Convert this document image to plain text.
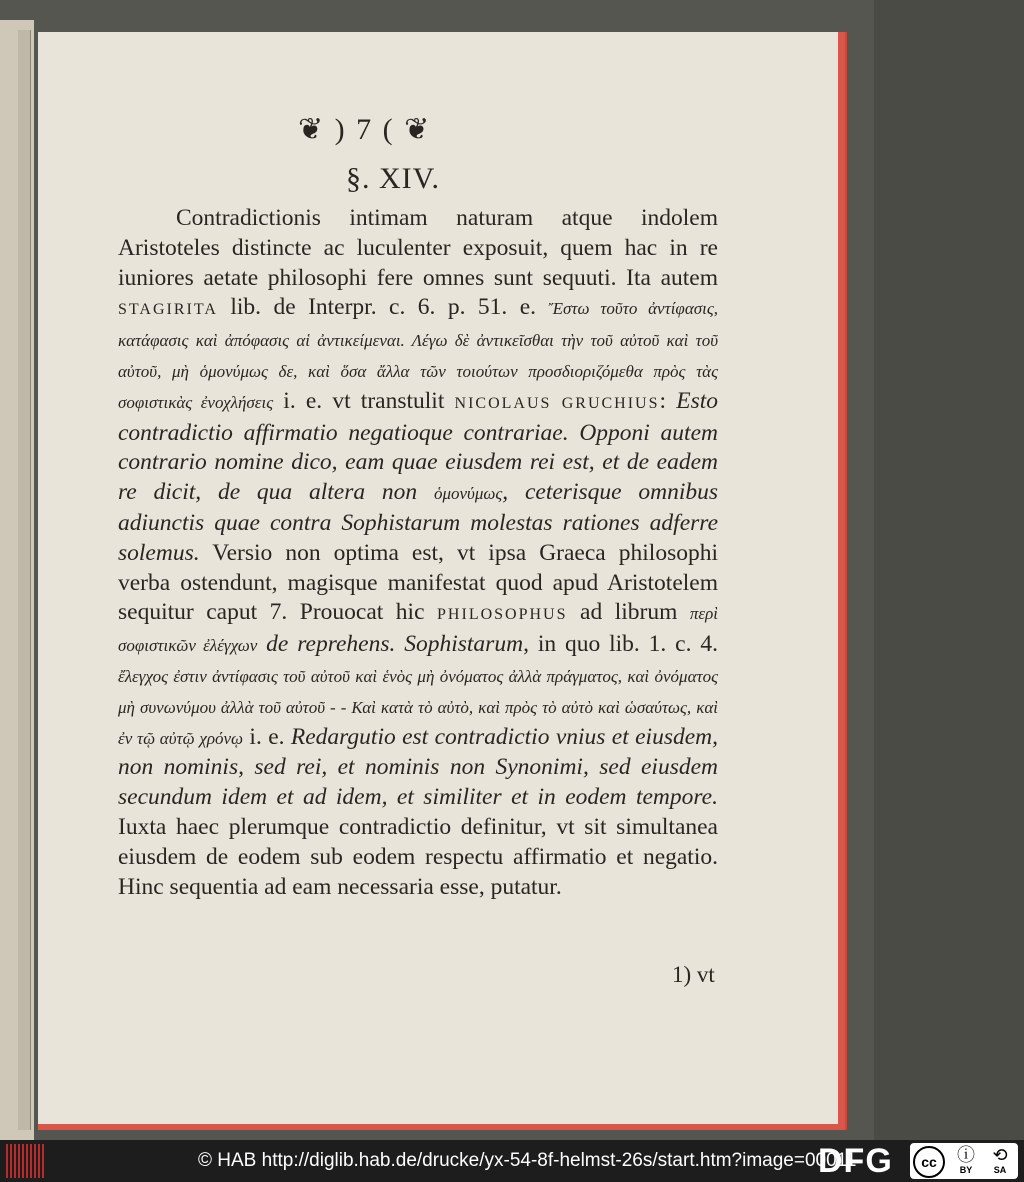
❦ ) 7 ( ❦
§. XIV.

Contradictionis intimam naturam atque indolem Aristoteles distincte ac luculenter exposuit, quem hac in re iuniores aetate philosophi fere omnes sunt sequuti. Ita autem STAGIRITA lib. de Interpr. c. 6. p. 51. e. Ἔστω τοῦτο ἀντίφασις, κατάφασις καὶ ἀπόφασις αἱ ἀντικείμεναι. Λέγω δὲ ἀντικεῖσθαι τὴν τοῦ αὐτοῦ καὶ τοῦ αὐτοῦ, μὴ ὁμονύμως δε, καὶ ὅσα ἄλλα τῶν τοιούτων προσδιοριζόμεθα πρὸς τὰς σοφιστικὰς ἐνοχλήσεις i. e. vt transtulit NICOLAUS GRUCHIUS: Esto contradictio affirmatio negatioque contrariae. Opponi autem contrario nomine dico, eam quae eiusdem rei est, et de eadem re dicit, de qua altera non ὁμονύμως, ceterisque omnibus adiunctis quae contra Sophistarum molestas rationes adferre solemus. Versio non optima est, vt ipsa Graeca philosophi verba ostendunt, magisque manifestat quod apud Aristotelem sequitur caput 7. Prouocat hic PHILOSOPHUS ad librum περὶ σοφιστικῶν ἐλέγχων de reprehens. Sophistarum, in quo lib. 1. c. 4. ἔλεγχος ἐστιν ἀντίφασις τοῦ αὐτοῦ καὶ ἑνὸς μὴ ὀνόματος ἀλλὰ πράγματος, καὶ ὀνόματος μὴ συνωνύμου ἀλλὰ τοῦ αὐτοῦ - - Καὶ κατὰ τὸ αὐτὸ, καὶ πρὸς τὸ αὐτὸ καὶ ὡσαύτως, καὶ ἐν τῷ αὐτῷ χρόνῳ i. e. Redargutio est contradictio vnius et eiusdem, non nominis, sed rei, et nominis non Synonimi, sed eiusdem secundum idem et ad idem, et similiter et in eodem tempore. Iuxta haec plerumque contradictio definitur, vt sit simultanea eiusdem de eodem sub eodem respectu affirmatio et negatio. Hinc sequentia ad eam necessaria esse, putatur.

1) vt
© HAB http://diglib.hab.de/drucke/yx-54-8f-helmst-26s/start.htm?image=00011
DFG	cc	ⓘ
BY
⟲
SA
